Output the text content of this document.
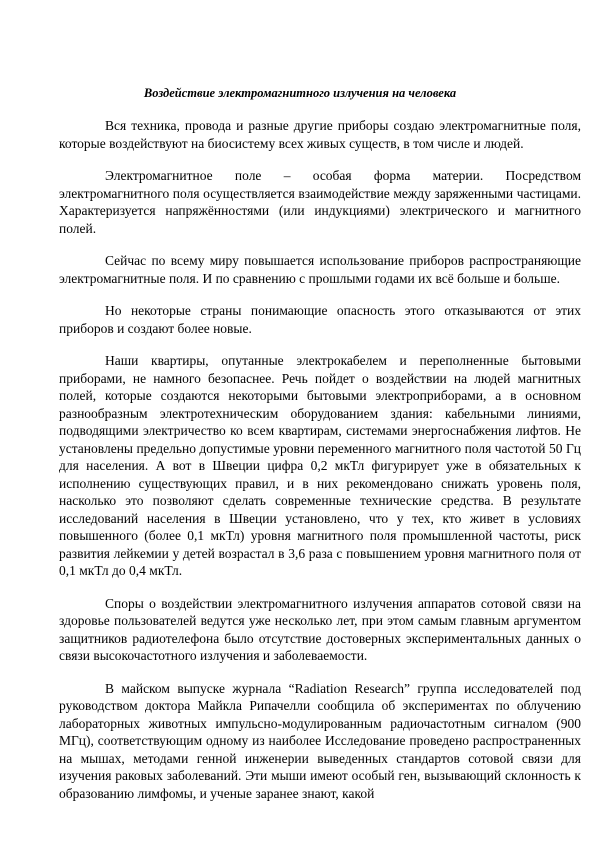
Воздействие электромагнитного излучения на человека

Вся техника, провода и разные другие приборы создаю электромагнитные поля, которые воздействуют на биосистему всех живых существ, в том числе и людей.

Электромагнитное поле – особая форма материи. Посредством электромагнитного поля осуществляется взаимодействие между заряженными частицами. Характеризуется напряжённостями (или индукциями) электрического и магнитного полей.

Сейчас по всему миру повышается использование приборов распространяющие электромагнитные поля. И по сравнению с прошлыми годами их всё больше и больше.

Но некоторые страны понимающие опасность этого отказываются от этих приборов и создают более новые.

Наши квартиры, опутанные электрокабелем и переполненные бытовыми приборами, не намного безопаснее. Речь пойдет о воздействии на людей магнитных полей, которые создаются некоторыми бытовыми электроприборами, а в основном разнообразным электротехническим оборудованием здания: кабельными линиями, подводящими электричество ко всем квартирам, системами энергоснабжения лифтов. Не установлены предельно допустимые уровни переменного магнитного поля частотой 50 Гц для населения. А вот в Швеции цифра 0,2 мкТл фигурирует уже в обязательных к исполнению существующих правил, и в них рекомендовано снижать уровень поля, насколько это позволяют сделать современные технические средства. В результате исследований населения в Швеции установлено, что у тех, кто живет в условиях повышенного (более 0,1 мкТл) уровня магнитного поля промышленной частоты, риск развития лейкемии у детей возрастал в 3,6 раза с повышением уровня магнитного поля от 0,1 мкТл до 0,4 мкТл.

Споры о воздействии электромагнитного излучения аппаратов сотовой связи на здоровье пользователей ведутся уже несколько лет, при этом самым главным аргументом защитников радиотелефона было отсутствие достоверных экспериментальных данных о связи высокочастотного излучения и заболеваемости.

В майском выпуске журнала “Radiation Research” группа исследователей под руководством доктора Майкла Рипачелли сообщила об экспериментах по облучению лабораторных животных импульсно-модулированным радиочастотным сигналом (900 МГц), соответствующим одному из наиболее Исследование проведено распространенных на мышах, методами генной инженерии выведенных стандартов сотовой связи для изучения раковых заболеваний. Эти мыши имеют особый ген, вызывающий склонность к образованию лимфомы, и ученые заранее знают, какой
